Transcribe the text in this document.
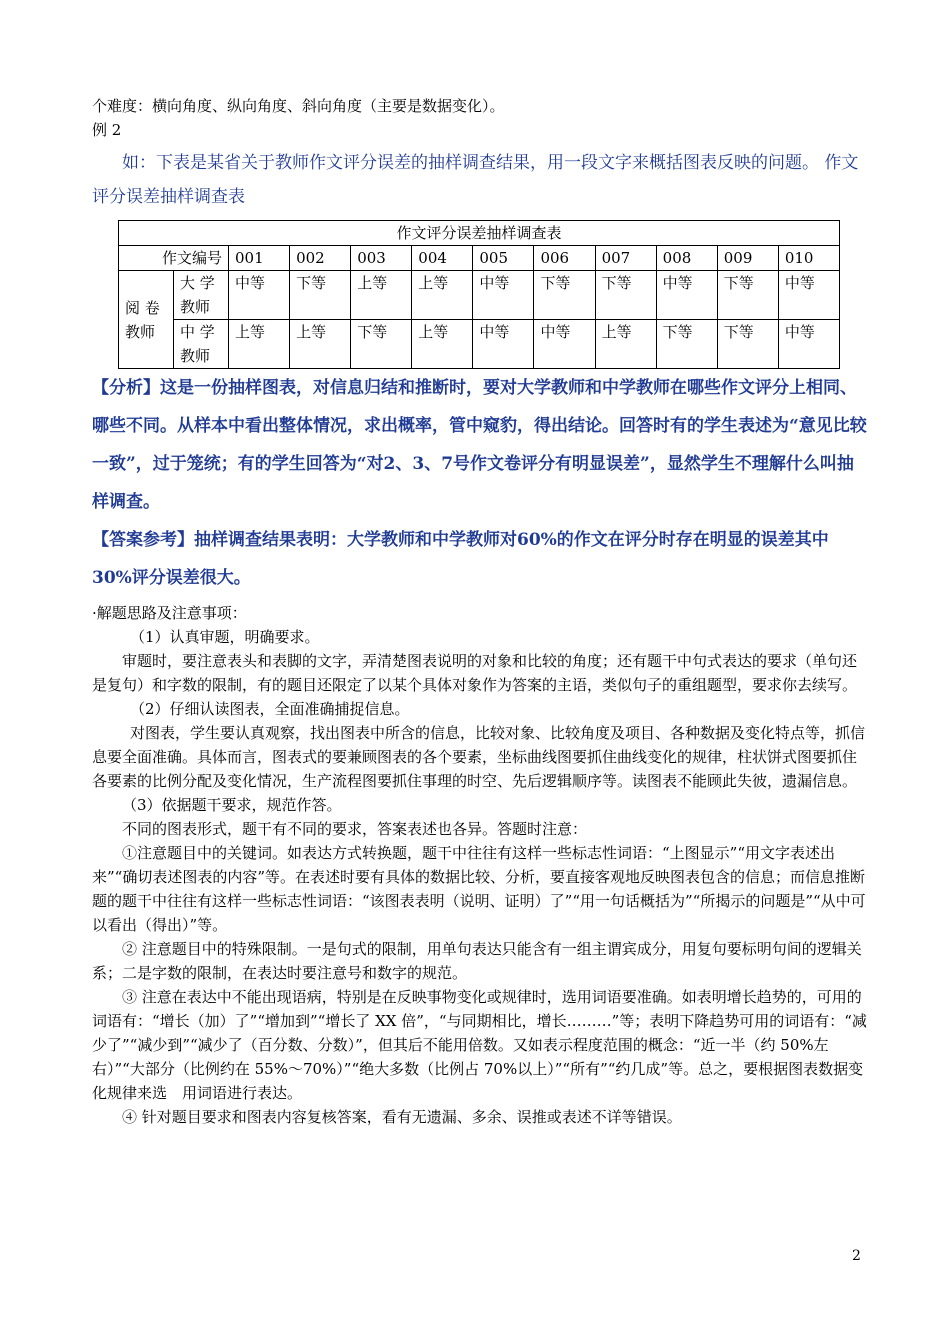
个难度：横向角度、纵向角度、斜向角度（主要是数据变化）。

例 2

如：下表是某省关于教师作文评分误差的抽样调查结果，用一段文字来概括图表反映的问题。 作文评分误差抽样调查表

作文评分误差抽样调查表											
作文编号		001	002	003	004	005	006	007	008	009	010
阅 卷 教师	大 学 教师	中等	下等	上等	上等	中等	下等	下等	中等	下等	中等
	中 学 教师	上等	上等	下等	上等	中等	中等	上等	下等	下等	中等

【分析】这是一份抽样图表，对信息归结和推断时，要对大学教师和中学教师在哪些作文评分上相同、哪些不同。从样本中看出整体情况，求出概率，管中窥豹，得出结论。回答时有的学生表述为“意见比较一致”，过于笼统；有的学生回答为“对2、3、7号作文卷评分有明显误差”，显然学生不理解什么叫抽样调查。

【答案参考】抽样调查结果表明：大学教师和中学教师对60%的作文在评分时存在明显的误差其中 30%评分误差很大。

·解题思路及注意事项：

（1）认真审题，明确要求。

审题时，要注意表头和表脚的文字，弄清楚图表说明的对象和比较的角度；还有题干中句式表达的要求（单句还是复句）和字数的限制，有的题目还限定了以某个具体对象作为答案的主语，类似句子的重组题型，要求你去续写。

（2）仔细认读图表，全面准确捕捉信息。

对图表，学生要认真观察，找出图表中所含的信息，比较对象、比较角度及项目、各种数据及变化特点等，抓信息要全面准确。具体而言，图表式的要兼顾图表的各个要素，坐标曲线图要抓住曲线变化的规律，柱状饼式图要抓住各要素的比例分配及变化情况，生产流程图要抓住事理的时空、先后逻辑顺序等。读图表不能顾此失彼，遗漏信息。

（3）依据题干要求，规范作答。

不同的图表形式，题干有不同的要求，答案表述也各异。答题时注意：

①注意题目中的关键词。如表达方式转换题，题干中往往有这样一些标志性词语：“上图显示”“用文字表述出来”“确切表述图表的内容”等。在表述时要有具体的数据比较、分析，要直接客观地反映图表包含的信息；而信息推断题的题干中往往有这样一些标志性词语：“该图表表明（说明、证明）了”“用一句话概括为”“所揭示的问题是”“从中可以看出（得出）”等。

② 注意题目中的特殊限制。一是句式的限制，用单句表达只能含有一组主谓宾成分，用复句要标明句间的逻辑关系；二是字数的限制，在表达时要注意号和数字的规范。

③ 注意在表达中不能出现语病，特别是在反映事物变化或规律时，选用词语要准确。如表明增长趋势的，可用的词语有：“增长（加）了”“增加到”“增长了 XX 倍”，“与同期相比，增长………”等；表明下降趋势可用的词语有：“减少了”“减少到”“减少了（百分数、分数）”，但其后不能用倍数。又如表示程度范围的概念：“近一半（约 50%左右）”“大部分（比例约在 55%～70%）”“绝大多数（比例占 70%以上）”“所有”“约几成”等。总之，要根据图表数据变化规律来选　用词语进行表达。

④ 针对题目要求和图表内容复核答案，看有无遗漏、多余、误推或表述不详等错误。

2
